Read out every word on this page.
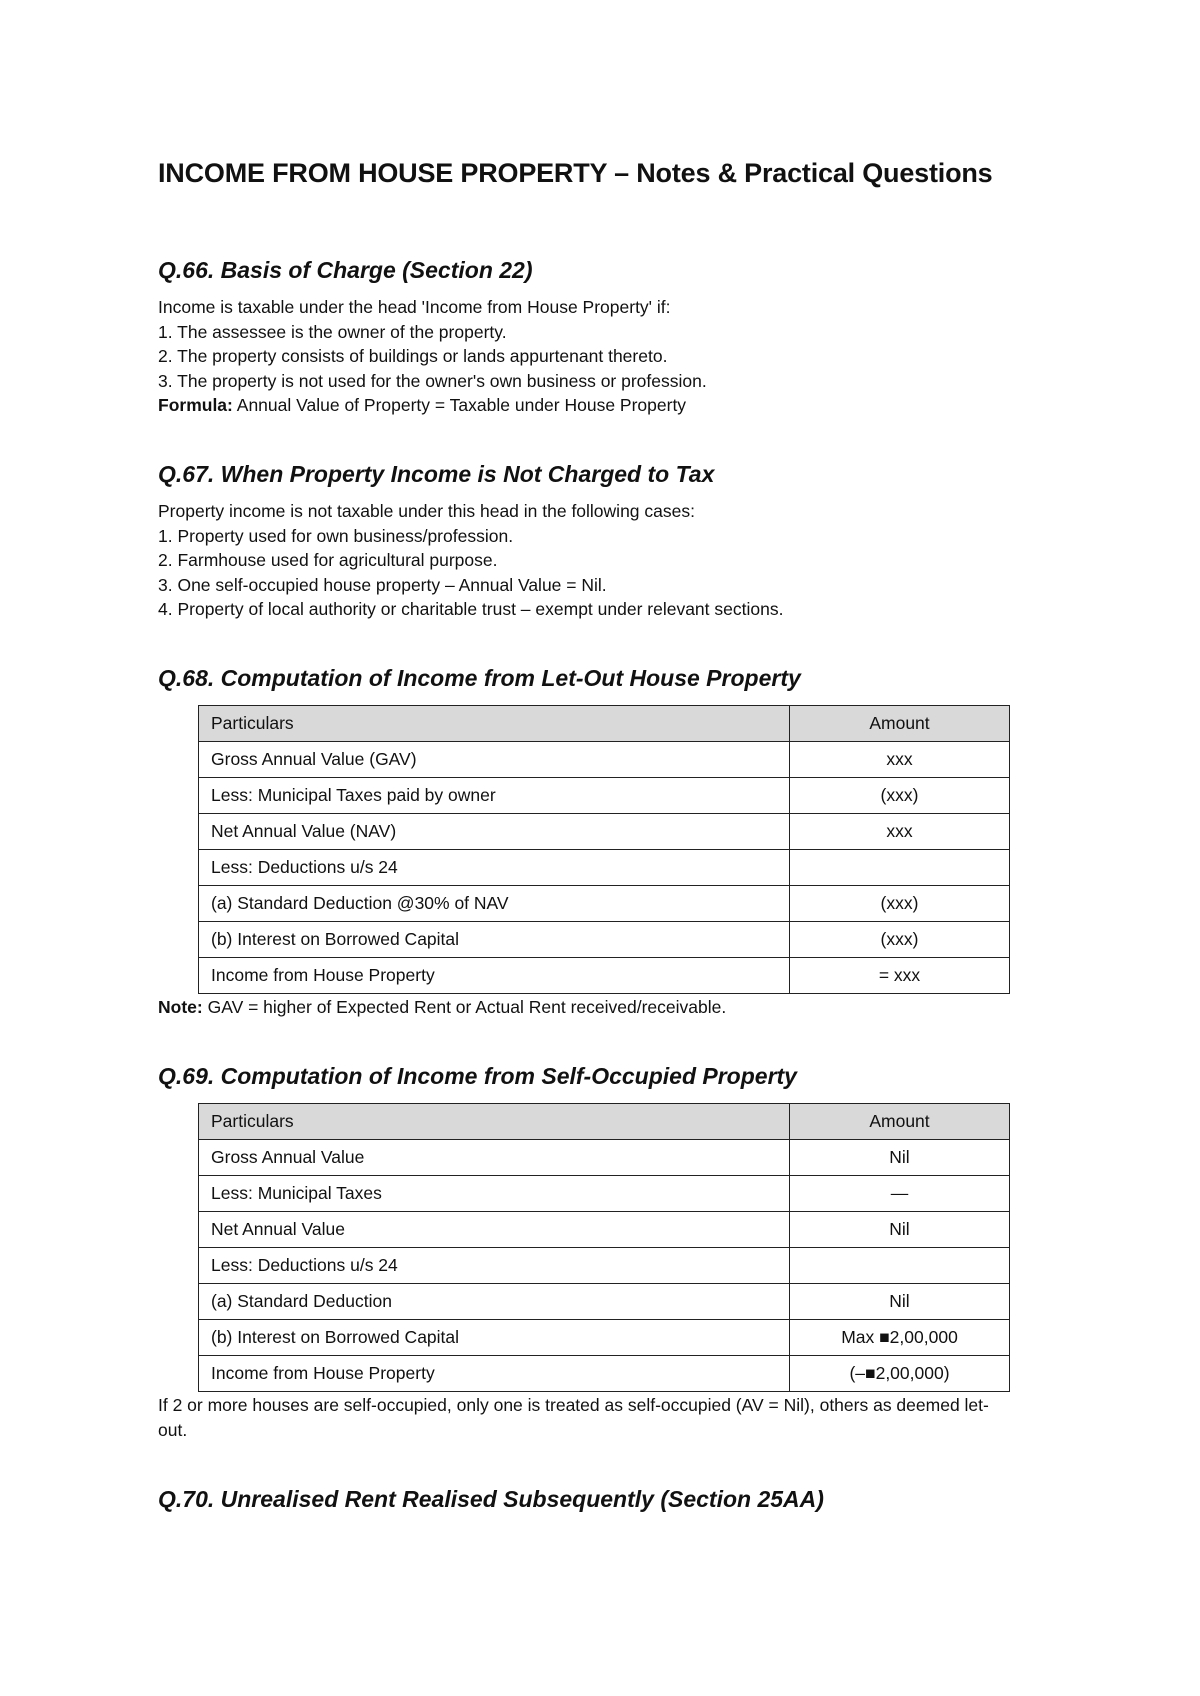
INCOME FROM HOUSE PROPERTY – Notes & Practical Questions
Q.66. Basis of Charge (Section 22)

Income is taxable under the head 'Income from House Property' if:

1. The assessee is the owner of the property.

2. The property consists of buildings or lands appurtenant thereto.

3. The property is not used for the owner's own business or profession.

Formula: Annual Value of Property = Taxable under House Property

Q.67. When Property Income is Not Charged to Tax

Property income is not taxable under this head in the following cases:

1. Property used for own business/profession.

2. Farmhouse used for agricultural purpose.

3. One self-occupied house property – Annual Value = Nil.

4. Property of local authority or charitable trust – exempt under relevant sections.

Q.68. Computation of Income from Let-Out House Property
Particulars	Amount
Gross Annual Value (GAV)	xxx
Less: Municipal Taxes paid by owner	(xxx)
Net Annual Value (NAV)	xxx
Less: Deductions u/s 24	
(a) Standard Deduction @30% of NAV	(xxx)
(b) Interest on Borrowed Capital	(xxx)
Income from House Property	= xxx

Note: GAV = higher of Expected Rent or Actual Rent received/receivable.

Q.69. Computation of Income from Self-Occupied Property
Particulars	Amount
Gross Annual Value	Nil
Less: Municipal Taxes	—
Net Annual Value	Nil
Less: Deductions u/s 24	
(a) Standard Deduction	Nil
(b) Interest on Borrowed Capital	Max ■2,00,000
Income from House Property	(–■2,00,000)

If 2 or more houses are self-occupied, only one is treated as self-occupied (AV = Nil), others as deemed let-out.

Q.70. Unrealised Rent Realised Subsequently (Section 25AA)
